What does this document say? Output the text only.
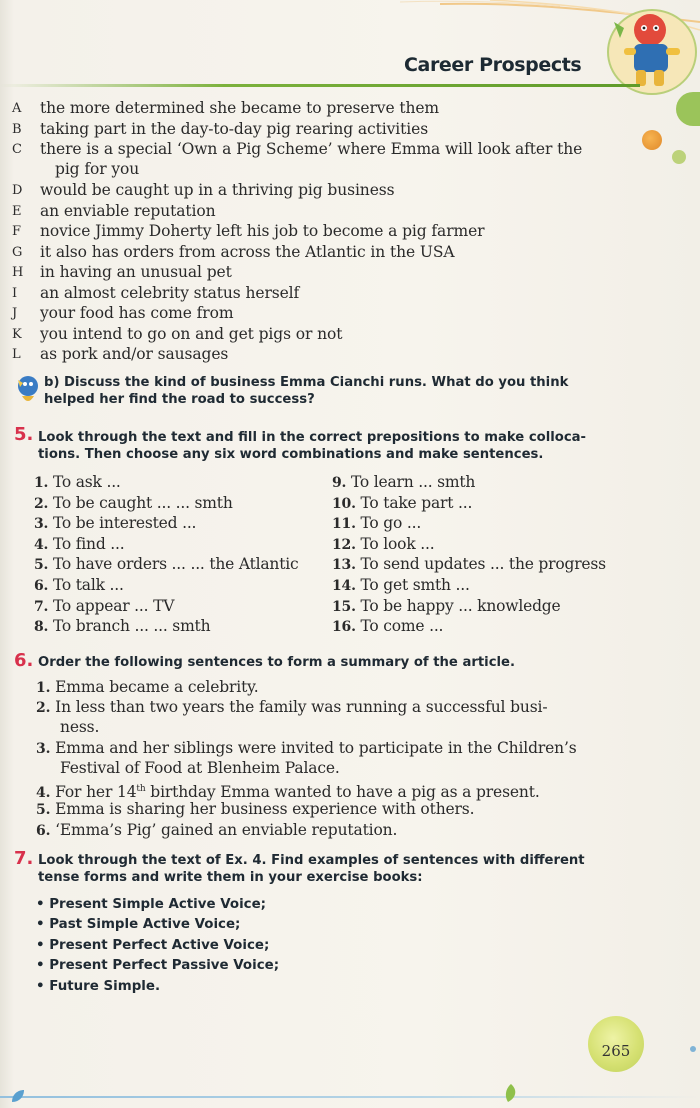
Career Prospects
A	the more determined she became to preserve them
B	taking part in the day-to-day pig rearing activities
C	there is a special ‘Own a Pig Scheme’ where Emma will look after the
pig for you
D	would be caught up in a thriving pig business
E	an enviable reputation
F	novice Jimmy Doherty left his job to become a pig farmer
G	it also has orders from across the Atlantic in the USA
H	in having an unusual pet
I	an almost celebrity status herself
J	your food has come from
K	you intend to go on and get pigs or not
L	as pork and/or sausages
b) Discuss the kind of business Emma Cianchi runs. What do you think
helped her find the road to success?
5. Look through the text and fill in the correct prepositions to make colloca-
tions. Then choose any six word combinations and make sentences.
1. To ask ...
2. To be caught ... ... smth
3. To be interested ...
4. To find ...
5. To have orders ... ... the Atlantic
6. To talk ...
7. To appear ... TV
8. To branch ... ... smth
9. To learn ... smth
10. To take part ...
11. To go ...
12. To look ...
13. To send updates ... the progress
14. To get smth ...
15. To be happy ... knowledge
16. To come ...
6. Order the following sentences to form a summary of the article.
1. Emma became a celebrity.
2. In less than two years the family was running a successful busi-
ness.
3. Emma and her siblings were invited to participate in the Children’s
Festival of Food at Blenheim Palace.
4. For her 14th birthday Emma wanted to have a pig as a present.
5. Emma is sharing her business experience with others.
6. ‘Emma’s Pig’ gained an enviable reputation.
7. Look through the text of Ex. 4. Find examples of sentences with different
tense forms and write them in your exercise books:
• Present Simple Active Voice;
• Past Simple Active Voice;
• Present Perfect Active Voice;
• Present Perfect Passive Voice;
• Future Simple.
265
